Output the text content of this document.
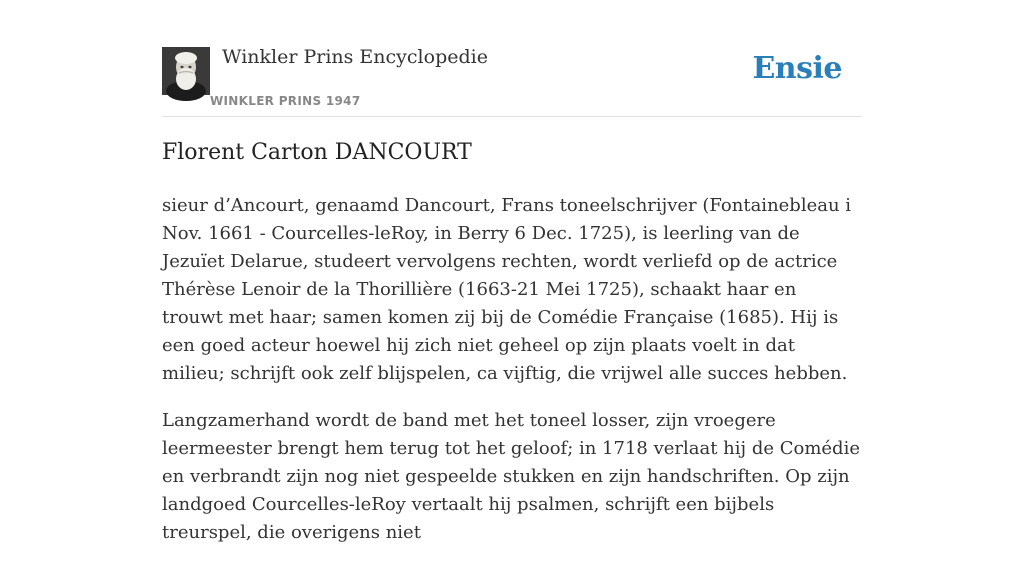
Winkler Prins Encyclopedie
WINKLER PRINS 1947
Ensie
Florent Carton DANCOURT

sieur d’Ancourt, genaamd Dancourt, Frans toneelschrijver (Fontainebleau i Nov. 1661 - Courcelles-leRoy, in Berry 6 Dec. 1725), is leerling van de Jezuïet Delarue, studeert vervolgens rechten, wordt verliefd op de actrice Thérèse Lenoir de la Thorillière (1663-21 Mei 1725), schaakt haar en trouwt met haar; samen komen zij bij de Comédie Française (1685). Hij is een goed acteur hoewel hij zich niet geheel op zijn plaats voelt in dat milieu; schrijft ook zelf blijspelen, ca vijftig, die vrijwel alle succes hebben.

Langzamerhand wordt de band met het toneel losser, zijn vroegere leermeester brengt hem terug tot het geloof; in 1718 verlaat hij de Comédie en verbrandt zijn nog niet gespeelde stukken en zijn handschriften. Op zijn landgoed Courcelles-leRoy vertaalt hij psalmen, schrijft een bijbels treurspel, die overigens niet
